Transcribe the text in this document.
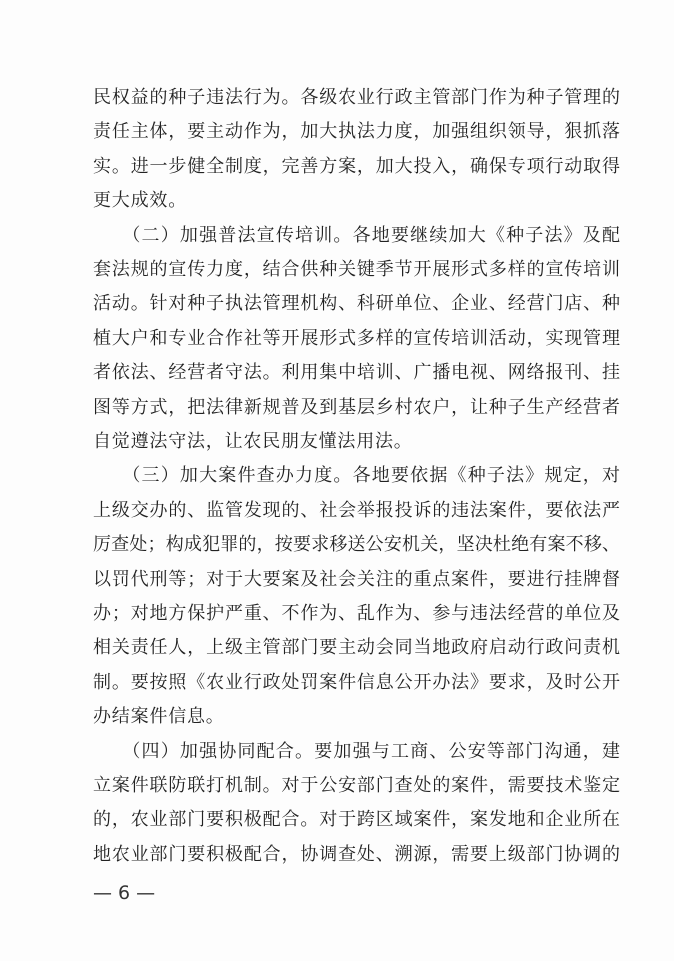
民权益的种子违法行为。各级农业行政主管部门作为种子管理的
责任主体，要主动作为，加大执法力度，加强组织领导，狠抓落
实。进一步健全制度，完善方案，加大投入，确保专项行动取得
更大成效。
　　（二）加强普法宣传培训。各地要继续加大《种子法》及配
套法规的宣传力度，结合供种关键季节开展形式多样的宣传培训
活动。针对种子执法管理机构、科研单位、企业、经营门店、种
植大户和专业合作社等开展形式多样的宣传培训活动，实现管理
者依法、经营者守法。利用集中培训、广播电视、网络报刊、挂
图等方式，把法律新规普及到基层乡村农户，让种子生产经营者
自觉遵法守法，让农民朋友懂法用法。
　　（三）加大案件查办力度。各地要依据《种子法》规定，对
上级交办的、监管发现的、社会举报投诉的违法案件，要依法严
厉查处；构成犯罪的，按要求移送公安机关，坚决杜绝有案不移、
以罚代刑等；对于大要案及社会关注的重点案件，要进行挂牌督
办；对地方保护严重、不作为、乱作为、参与违法经营的单位及
相关责任人，上级主管部门要主动会同当地政府启动行政问责机
制。要按照《农业行政处罚案件信息公开办法》要求，及时公开
办结案件信息。
　　（四）加强协同配合。要加强与工商、公安等部门沟通，建
立案件联防联打机制。对于公安部门查处的案件，需要技术鉴定
的，农业部门要积极配合。对于跨区域案件，案发地和企业所在
地农业部门要积极配合，协调查处、溯源，需要上级部门协调的
— 6 —
